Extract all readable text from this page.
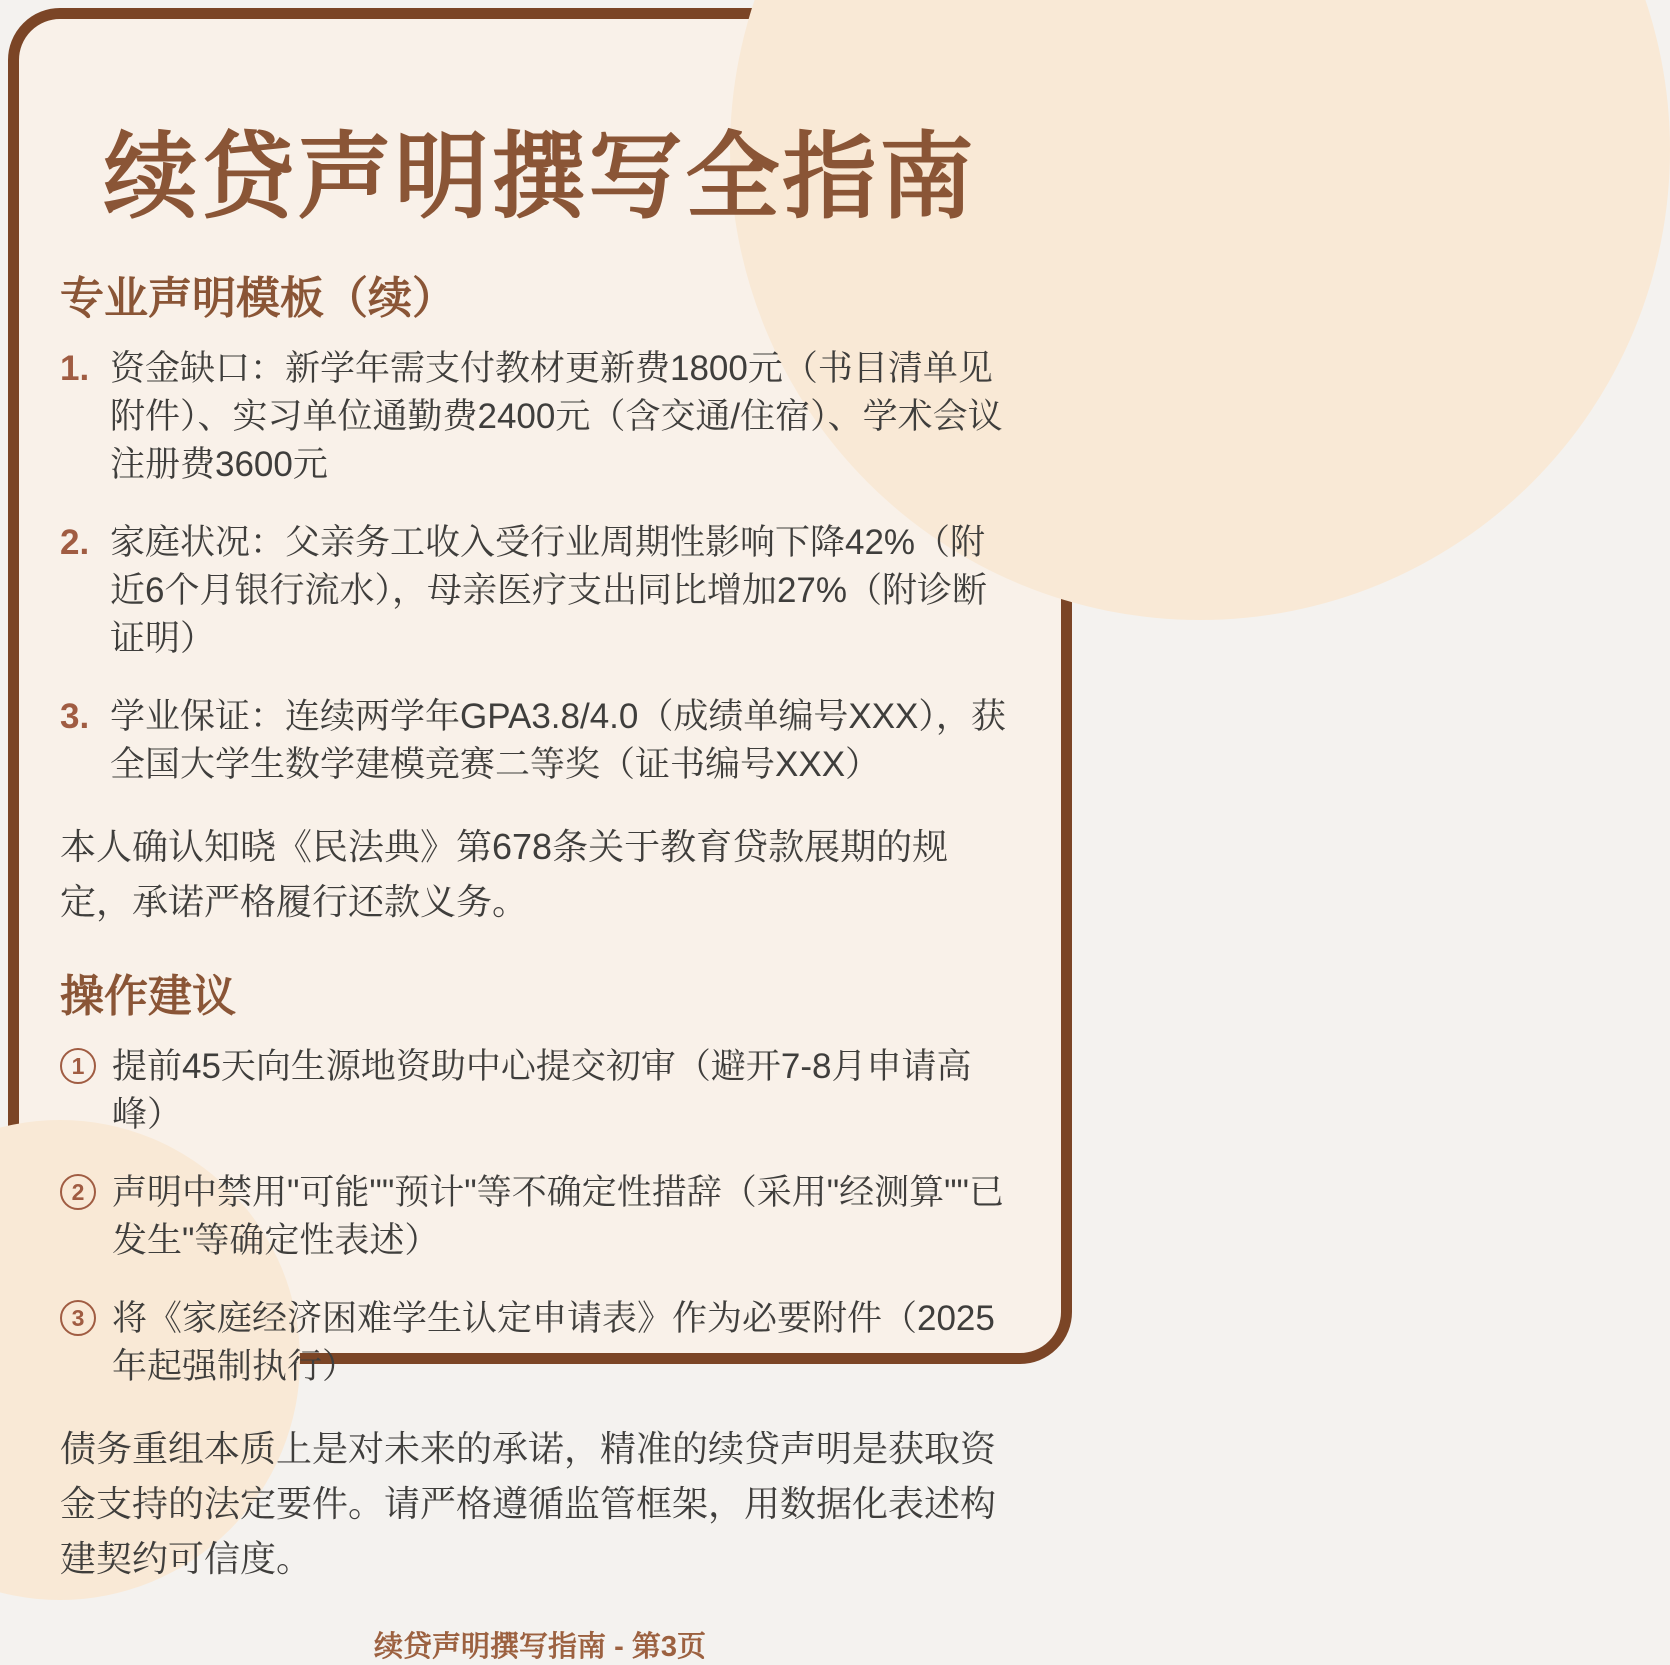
续贷声明撰写全指南
专业声明模板（续）
1. 资金缺口：新学年需支付教材更新费1800元（书目清单见附件）、实习单位通勤费2400元（含交通/住宿）、学术会议注册费3600元
2. 家庭状况：父亲务工收入受行业周期性影响下降42%（附近6个月银行流水），母亲医疗支出同比增加27%（附诊断证明）
3. 学业保证：连续两学年GPA3.8/4.0（成绩单编号XXX），获全国大学生数学建模竞赛二等奖（证书编号XXX）
本人确认知晓《民法典》第678条关于教育贷款展期的规定，承诺严格履行还款义务。
操作建议
1 提前45天向生源地资助中心提交初审（避开7-8月申请高峰）
2 声明中禁用"可能""预计"等不确定性措辞（采用"经测算""已发生"等确定性表述）
3 将《家庭经济困难学生认定申请表》作为必要附件（2025年起强制执行）
债务重组本质上是对未来的承诺，精准的续贷声明是获取资金支持的法定要件。请严格遵循监管框架，用数据化表述构建契约可信度。
续贷声明撰写指南 - 第3页
